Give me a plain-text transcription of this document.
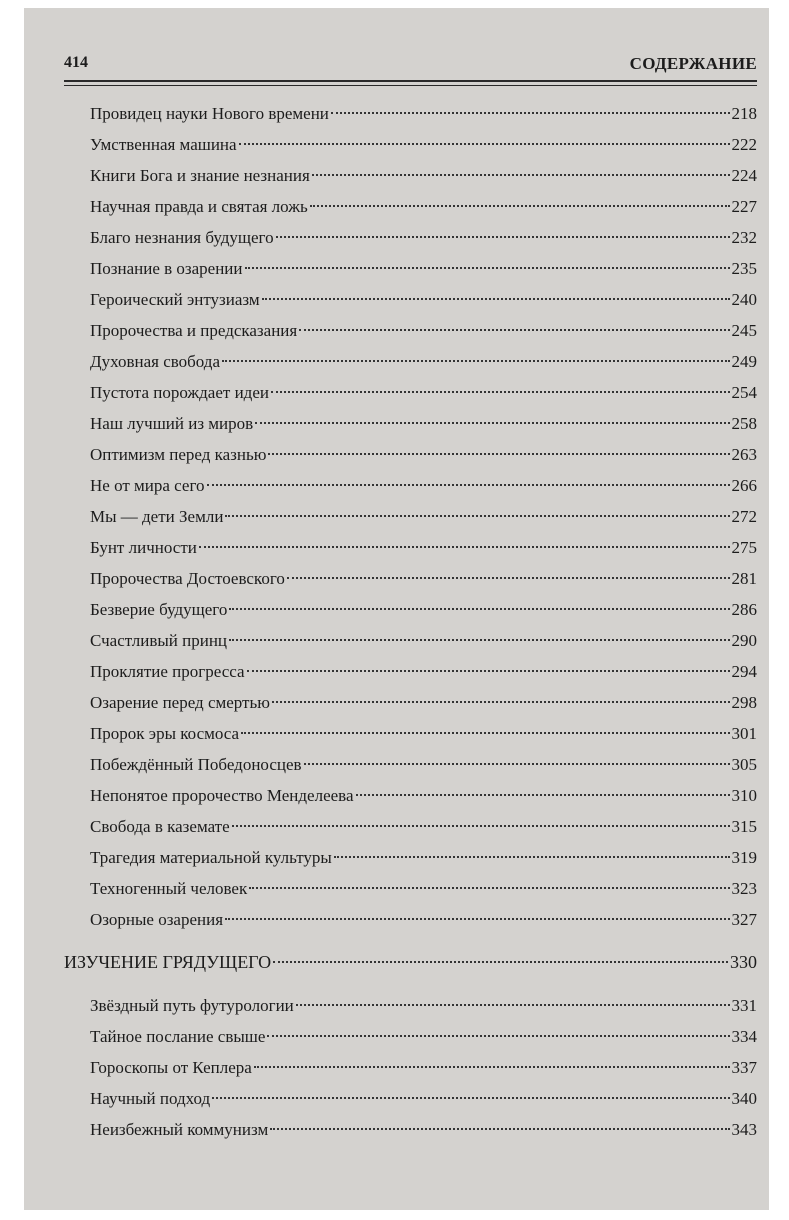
414	СОДЕРЖАНИЕ
Провидец науки Нового времени	218
Умственная машина	222
Книги Бога и знание незнания	224
Научная правда и святая ложь	227
Благо незнания будущего	232
Познание в озарении	235
Героический энтузиазм	240
Пророчества и предсказания	245
Духовная свобода	249
Пустота порождает идеи	254
Наш лучший из миров	258
Оптимизм перед казнью	263
Не от мира сего	266
Мы — дети Земли	272
Бунт личности	275
Пророчества Достоевского	281
Безверие будущего	286
Счастливый принц	290
Проклятие прогресса	294
Озарение перед смертью	298
Пророк эры космоса	301
Побеждённый Победоносцев	305
Непонятое пророчество Менделеева	310
Свобода в каземате	315
Трагедия материальной культуры	319
Техногенный человек	323
Озорные озарения	327
ИЗУЧЕНИЕ ГРЯДУЩЕГО	330
Звёздный путь футурологии	331
Тайное послание свыше	334
Гороскопы от Кеплера	337
Научный подход	340
Неизбежный коммунизм	343
